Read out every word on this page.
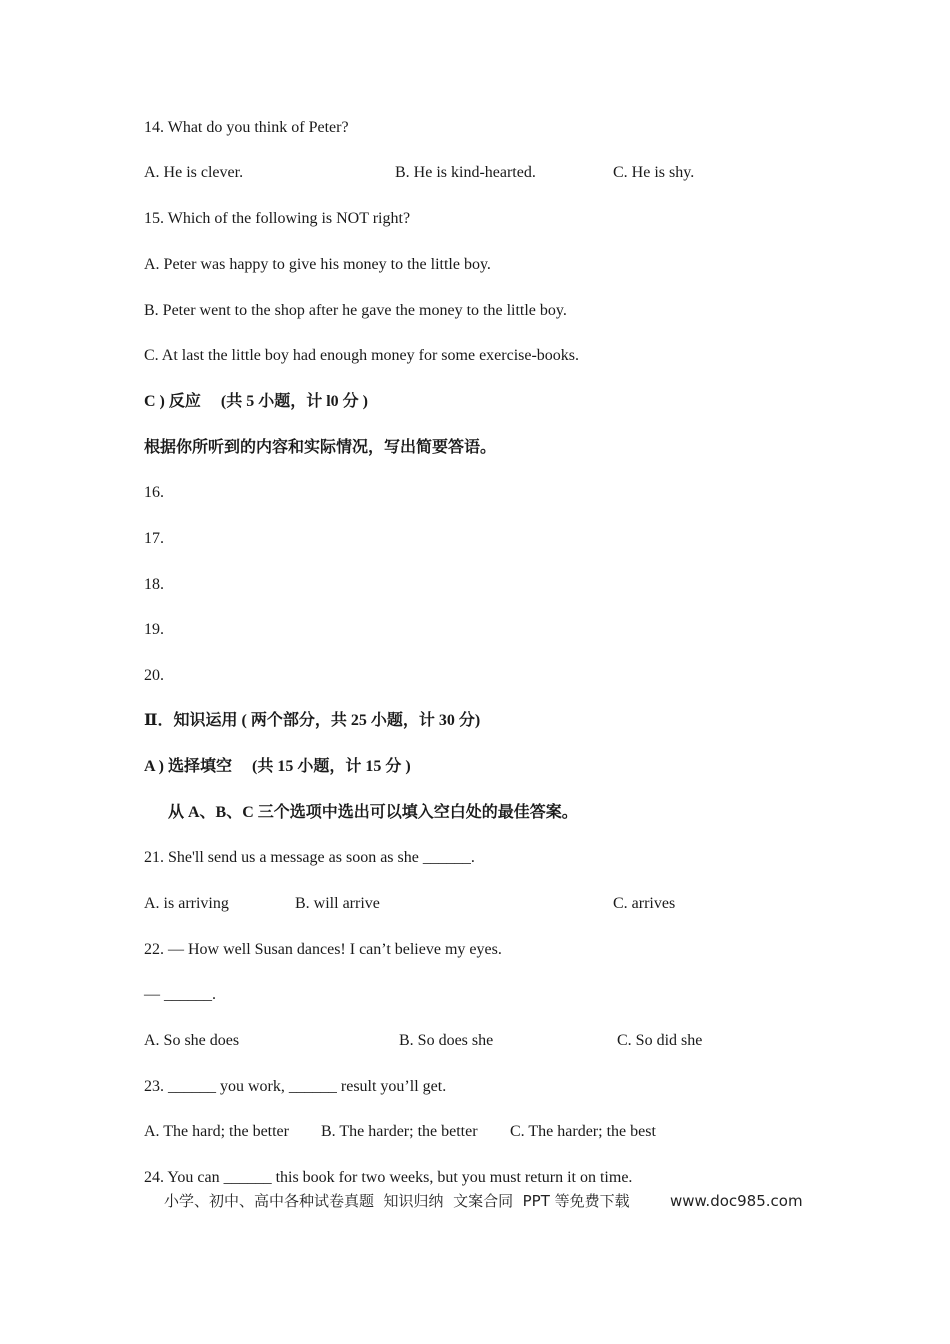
14. What do you think of Peter?
A. He is clever.	B. He is kind-hearted.	C. He is shy.
15. Which of the following is NOT right?
A. Peter was happy to give his money to the little boy.
B. Peter went to the shop after he gave the money to the little boy.
C. At last the little boy had enough money for some exercise-books.
C ) 反应 　(共 5 小题，计 l0 分 )
根据你所听到的内容和实际情况，写出简要答语。
16.
17.
18.
19.
20.
Ⅱ．知识运用 ( 两个部分，共 25 小题，计 30 分)
A ) 选择填空 　(共 15 小题，计 15 分 )
从 A、B、C 三个选项中选出可以填入空白处的最佳答案。
21. She'll send us a message as soon as she ______.
A. is arriving	B. will arrive	C. arrives
22. — How well Susan dances! I can’t believe my eyes.
— ______.
A. So she does	B. So does she	C. So did she
23. ______ you work, ______ result you’ll get.
A. The hard; the better B. The harder; the better C. The harder; the best
24. You can ______ this book for two weeks, but you must return it on time.
小学、初中、高中各种试卷真题  知识归纳  文案合同  PPT 等免费下载	www.doc985.com
